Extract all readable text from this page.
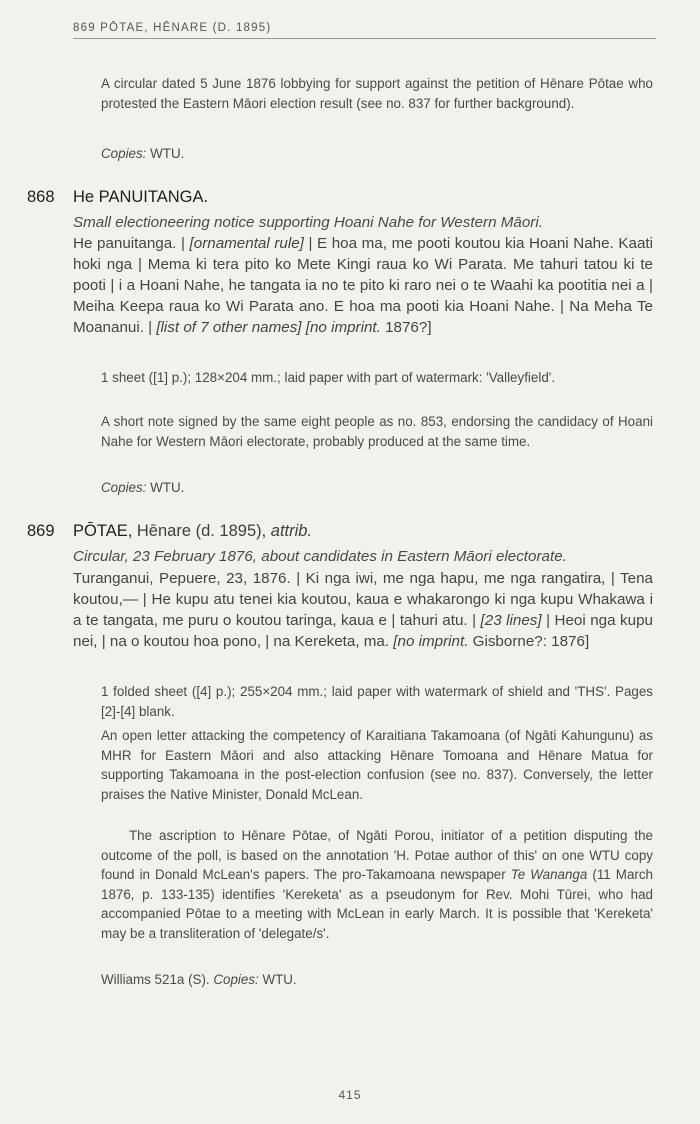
869 PŌTAE, HĒNARE (D. 1895)

A circular dated 5 June 1876 lobbying for support against the petition of Hēnare Pōtae who protested the Eastern Māori election result (see no. 837 for further background).

Copies: WTU.

868 He PANUITANGA.
Small electioneering notice supporting Hoani Nahe for Western Māori.
He panuitanga. | [ornamental rule] | E hoa ma, me pooti koutou kia Hoani Nahe. Kaati hoki nga | Mema ki tera pito ko Mete Kingi raua ko Wi Parata. Me tahuri tatou ki te pooti | i a Hoani Nahe, he tangata ia no te pito ki raro nei o te Waahi ka pootitia nei a | Meiha Keepa raua ko Wi Parata ano. E hoa ma pooti kia Hoani Nahe. | Na Meha Te Moananui. | [list of 7 other names] [no imprint. 1876?]

1 sheet ([1] p.); 128×204 mm.; laid paper with part of watermark: 'Valleyfield'.

A short note signed by the same eight people as no. 853, endorsing the candidacy of Hoani Nahe for Western Māori electorate, probably produced at the same time.

Copies: WTU.

869 PŌTAE, Hēnare (d. 1895), attrib.
Circular, 23 February 1876, about candidates in Eastern Māori electorate.
Turanganui, Pepuere, 23, 1876. | Ki nga iwi, me nga hapu, me nga rangatira, | Tena koutou,— | He kupu atu tenei kia koutou, kaua e whakarongo ki nga kupu Whakawa i a te tangata, me puru o koutou taringa, kaua e | tahuri atu. | [23 lines] | Heoi nga kupu nei, | na o koutou hoa pono, | na Kereketa, ma. [no imprint. Gisborne?: 1876]

1 folded sheet ([4] p.); 255×204 mm.; laid paper with watermark of shield and 'THS'. Pages [2]-[4] blank.

An open letter attacking the competency of Karaitiana Takamoana (of Ngāti Kahungunu) as MHR for Eastern Māori and also attacking Hēnare Tomoana and Hēnare Matua for supporting Takamoana in the post-election confusion (see no. 837). Conversely, the letter praises the Native Minister, Donald McLean.

The ascription to Hēnare Pōtae, of Ngāti Porou, initiator of a petition disputing the outcome of the poll, is based on the annotation 'H. Potae author of this' on one WTU copy found in Donald McLean's papers. The pro-Takamoana newspaper Te Wananga (11 March 1876, p. 133-135) identifies 'Kereketa' as a pseudonym for Rev. Mohi Tūrei, who had accompanied Pōtae to a meeting with McLean in early March. It is possible that 'Kereketa' may be a transliteration of 'delegate/s'.

Williams 521a (S). Copies: WTU.

415
